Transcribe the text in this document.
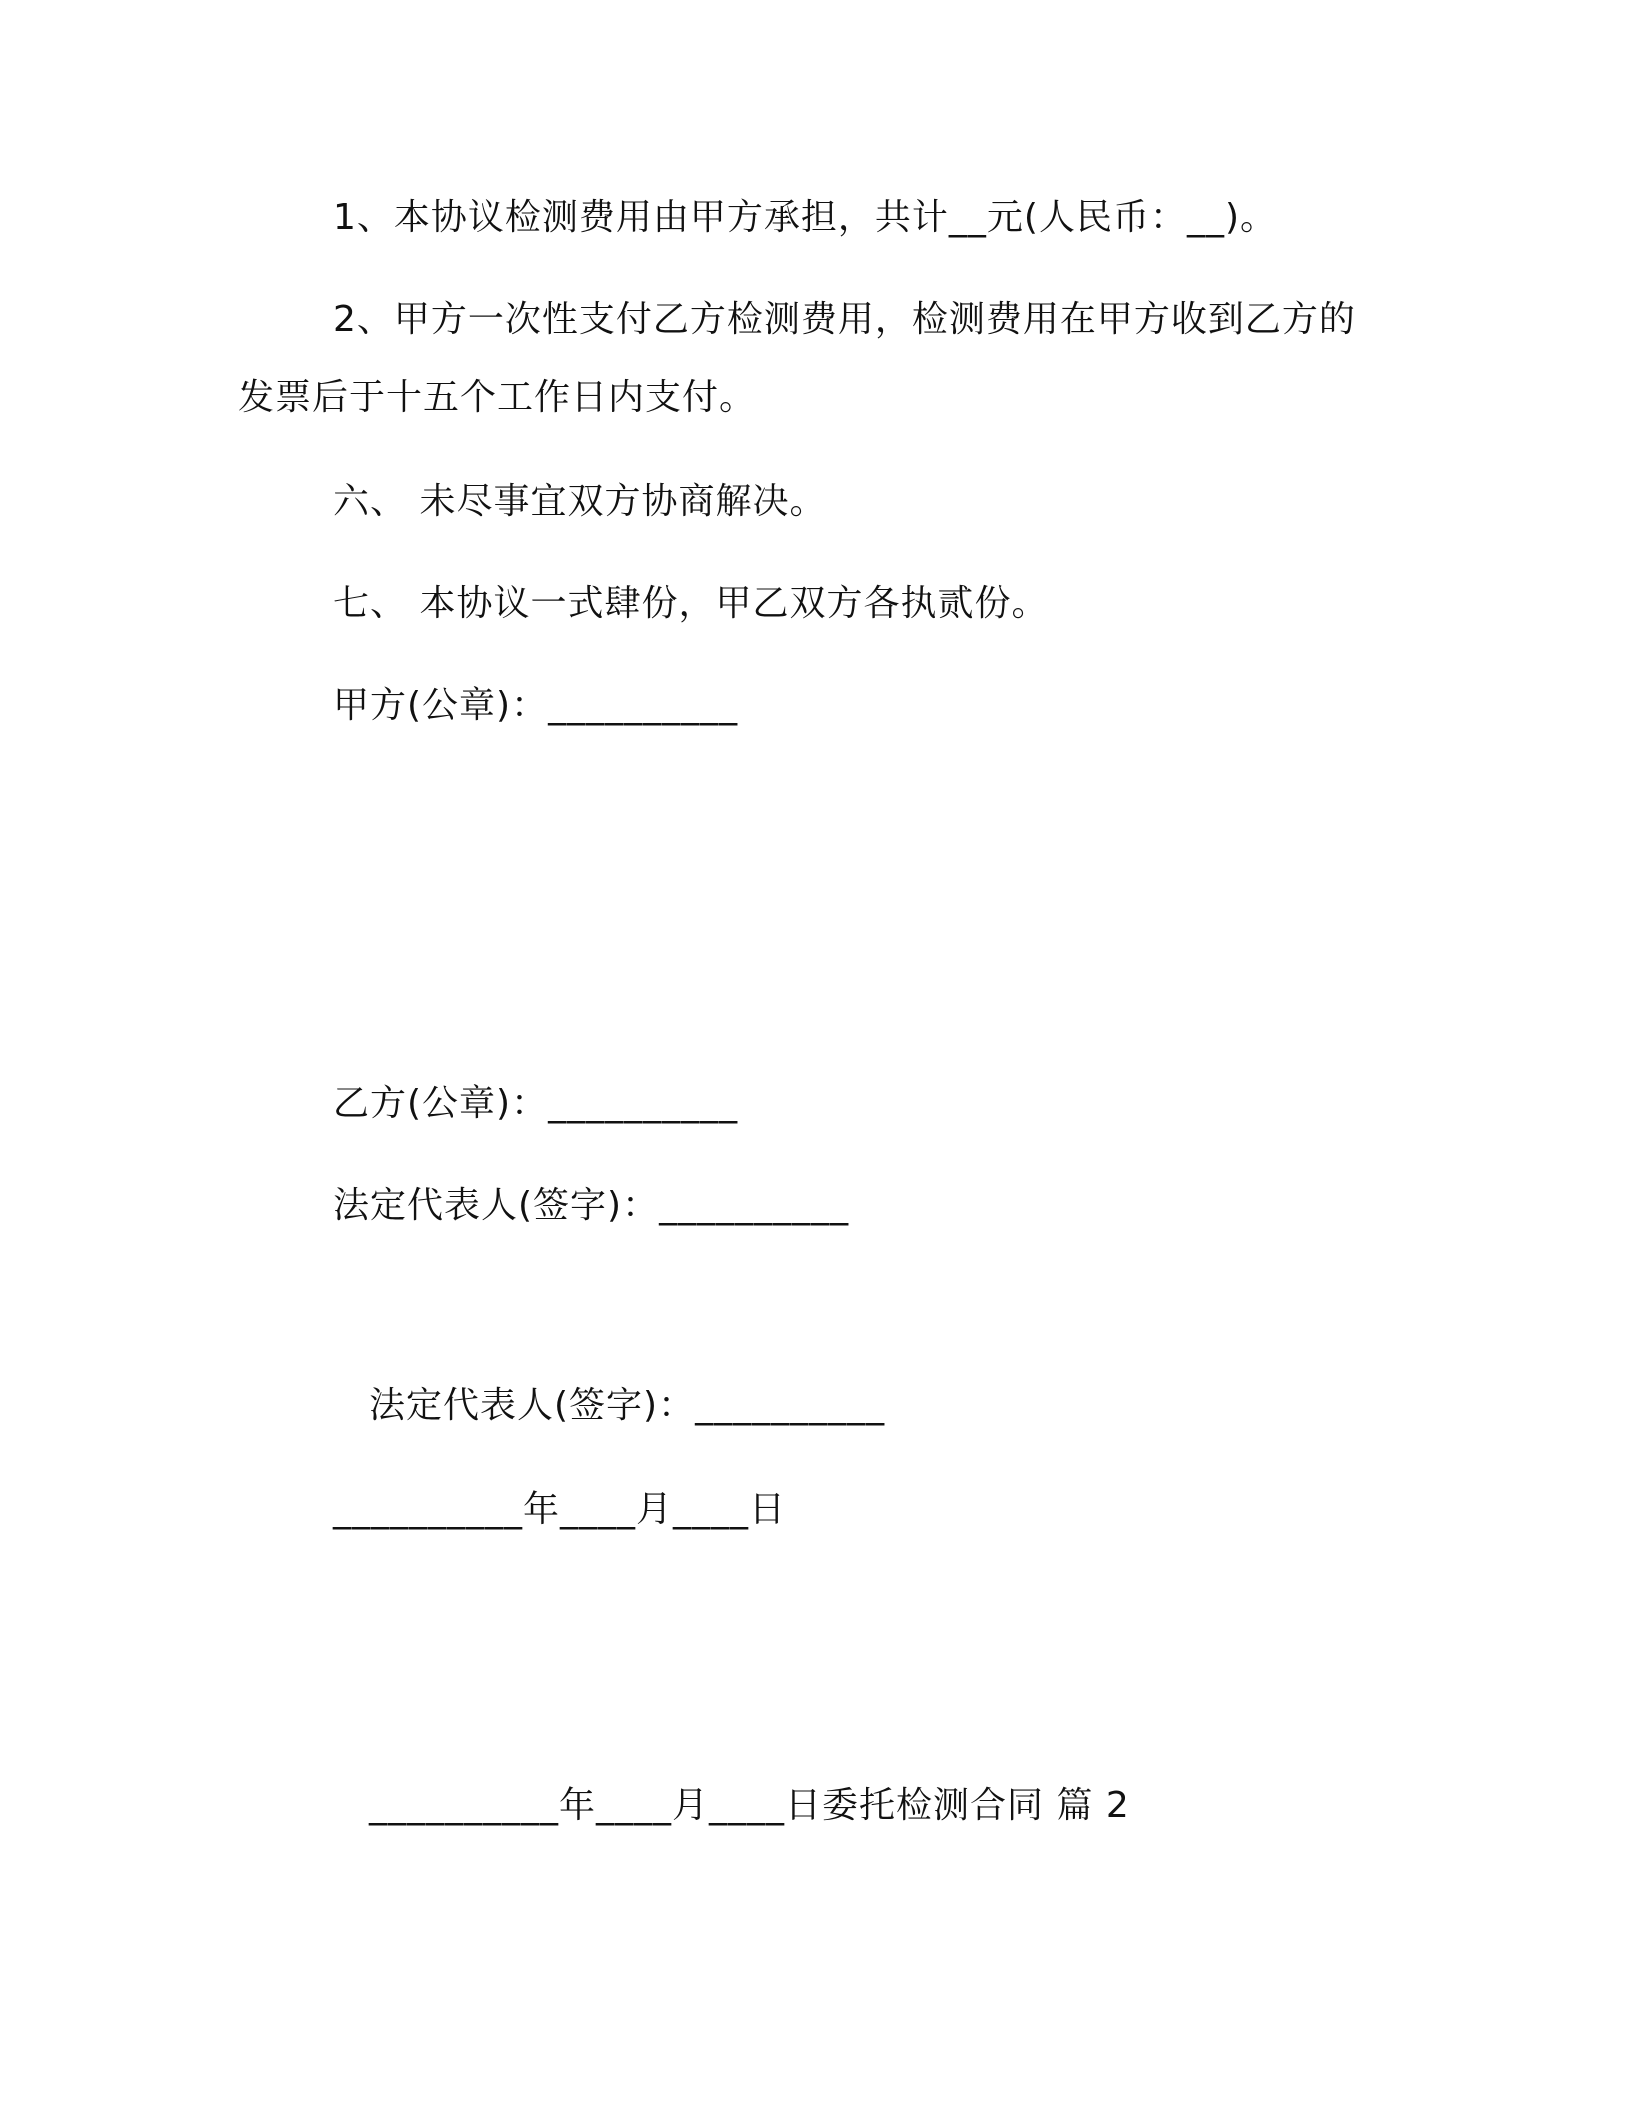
1、本协议检测费用由甲方承担，共计__元(人民币：__)。
2、甲方一次性支付乙方检测费用，检测费用在甲方收到乙方的
发票后于十五个工作日内支付。
六、 未尽事宜双方协商解决。
七、 本协议一式肆份，甲乙双方各执贰份。
甲方(公章)：__________
乙方(公章)：__________
法定代表人(签字)：__________
法定代表人(签字)：__________
__________年____月____日
__________年____月____日委托检测合同 篇 2
